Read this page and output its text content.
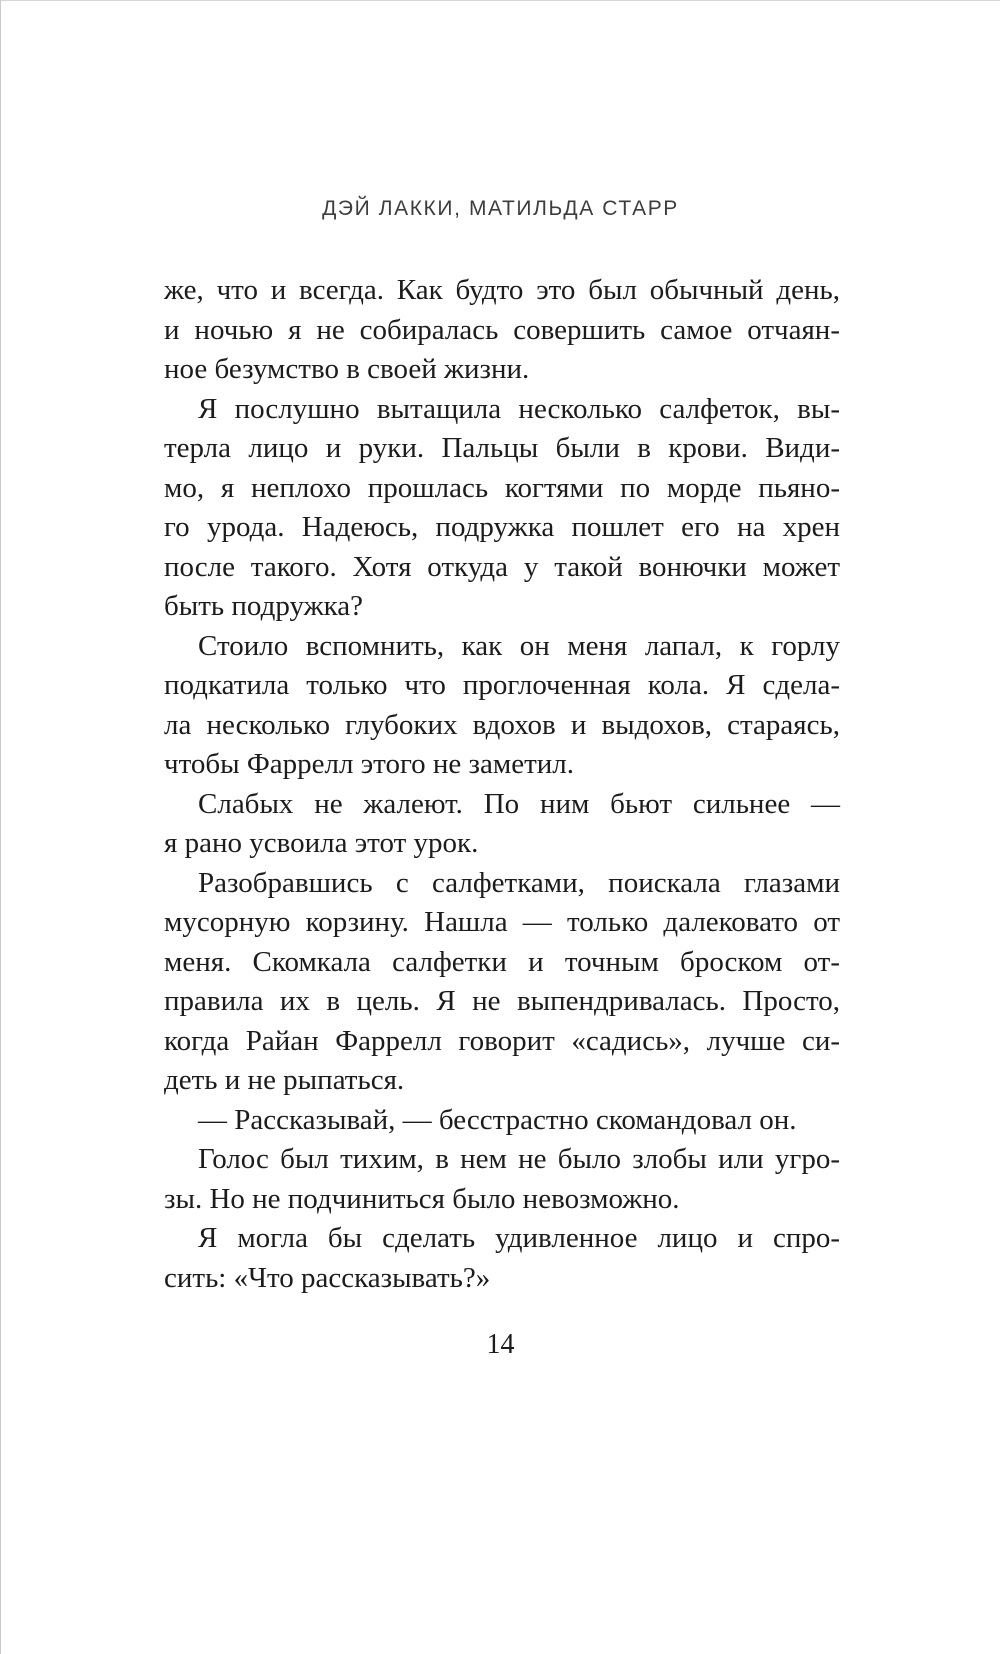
ДЭЙ ЛАККИ, МАТИЛЬДА СТАРР
же, что и всегда. Как будто это был обычный день,
и ночью я не собиралась совершить самое отчаян-
ное безумство в своей жизни.
Я послушно вытащила несколько салфеток, вы-
терла лицо и руки. Пальцы были в крови. Види-
мо, я неплохо прошлась когтями по морде пьяно-
го урода. Надеюсь, подружка пошлет его на хрен
после такого. Хотя откуда у такой вонючки может
быть подружка?
Стоило вспомнить, как он меня лапал, к горлу
подкатила только что проглоченная кола. Я сдела-
ла несколько глубоких вдохов и выдохов, стараясь,
чтобы Фаррелл этого не заметил.
Слабых не жалеют. По ним бьют сильнее —
я рано усвоила этот урок.
Разобравшись с салфетками, поискала глазами
мусорную корзину. Нашла — только далековато от
меня. Скомкала салфетки и точным броском от-
правила их в цель. Я не выпендривалась. Просто,
когда Райан Фаррелл говорит «садись», лучше си-
деть и не рыпаться.
— Рассказывай, — бесстрастно скомандовал он.
Голос был тихим, в нем не было злобы или угро-
зы. Но не подчиниться было невозможно.
Я могла бы сделать удивленное лицо и спро-
сить: «Что рассказывать?»
14
